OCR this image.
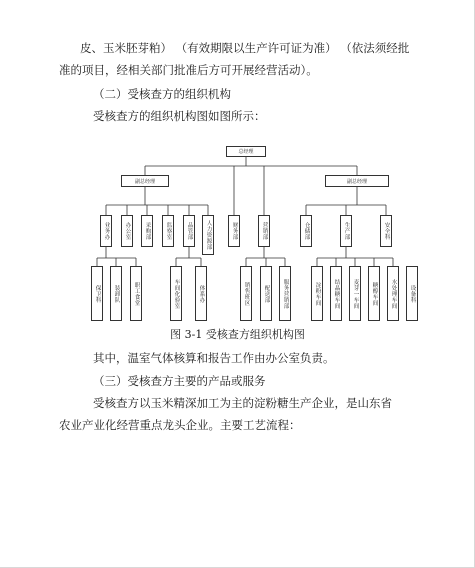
皮、玉米胚芽粕） （有效期限以生产许可证为准） （依法须经批
准的项目，经相关部门批准后方可开展经营活动）。
（二）受核查方的组织机构
受核查方的组织机构图如图所示：
总经理
副总经理	副总经理
业务办	办公室	采购部	监察室	品管部	人力资源部	财务部	营销部	仓储部	生产部	安全科
保卫科	装卸队	职工食堂	车间化验室	体系办	销售班区	配送部	服务营销部	淀粉车间	结晶糖车间	麦芽一车间	糖醇车间	水处理车间	设备科
图 3-1 受核查方组织机构图
其中，温室气体核算和报告工作由办公室负责。
（三）受核查方主要的产品或服务
受核查方以玉米精深加工为主的淀粉糖生产企业，是山东省
农业产业化经营重点龙头企业。主要工艺流程：
